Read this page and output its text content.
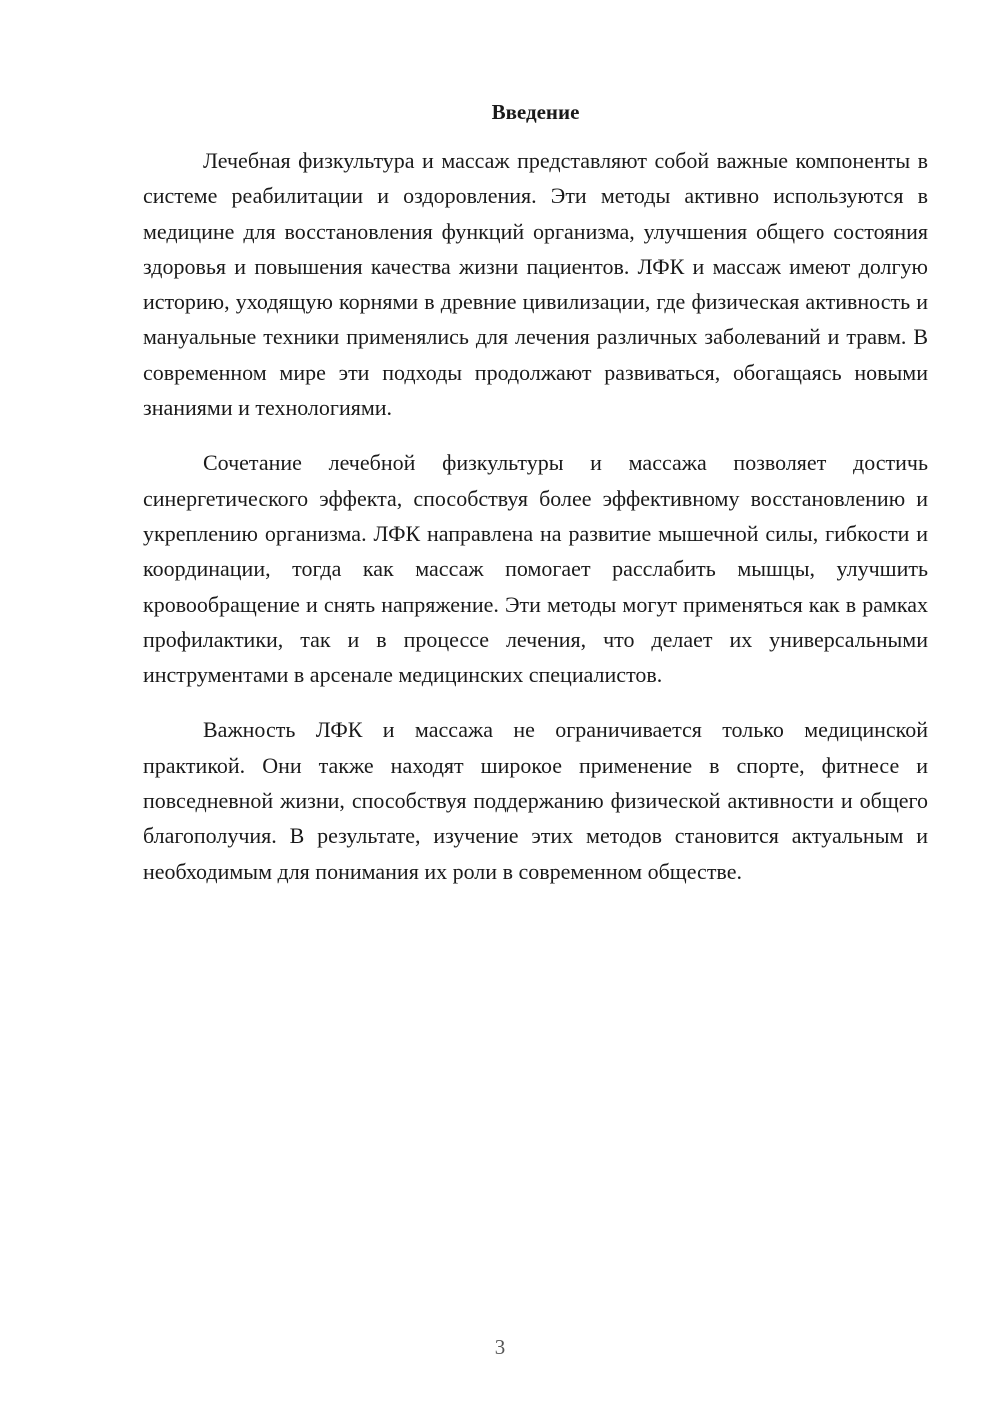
Введение

Лечебная физкультура и массаж представляют собой важные компоненты в системе реабилитации и оздоровления. Эти методы активно используются в медицине для восстановления функций организма, улучшения общего состояния здоровья и повышения качества жизни пациентов. ЛФК и массаж имеют долгую историю, уходящую корнями в древние цивилизации, где физическая активность и мануальные техники применялись для лечения различных заболеваний и травм. В современном мире эти подходы продолжают развиваться, обогащаясь новыми знаниями и технологиями.

Сочетание лечебной физкультуры и массажа позволяет достичь синергетического эффекта, способствуя более эффективному восстановлению и укреплению организма. ЛФК направлена на развитие мышечной силы, гибкости и координации, тогда как массаж помогает расслабить мышцы, улучшить кровообращение и снять напряжение. Эти методы могут применяться как в рамках профилактики, так и в процессе лечения, что делает их универсальными инструментами в арсенале медицинских специалистов.

Важность ЛФК и массажа не ограничивается только медицинской практикой. Они также находят широкое применение в спорте, фитнесе и повседневной жизни, способствуя поддержанию физической активности и общего благополучия. В результате, изучение этих методов становится актуальным и необходимым для понимания их роли в современном обществе.

3
